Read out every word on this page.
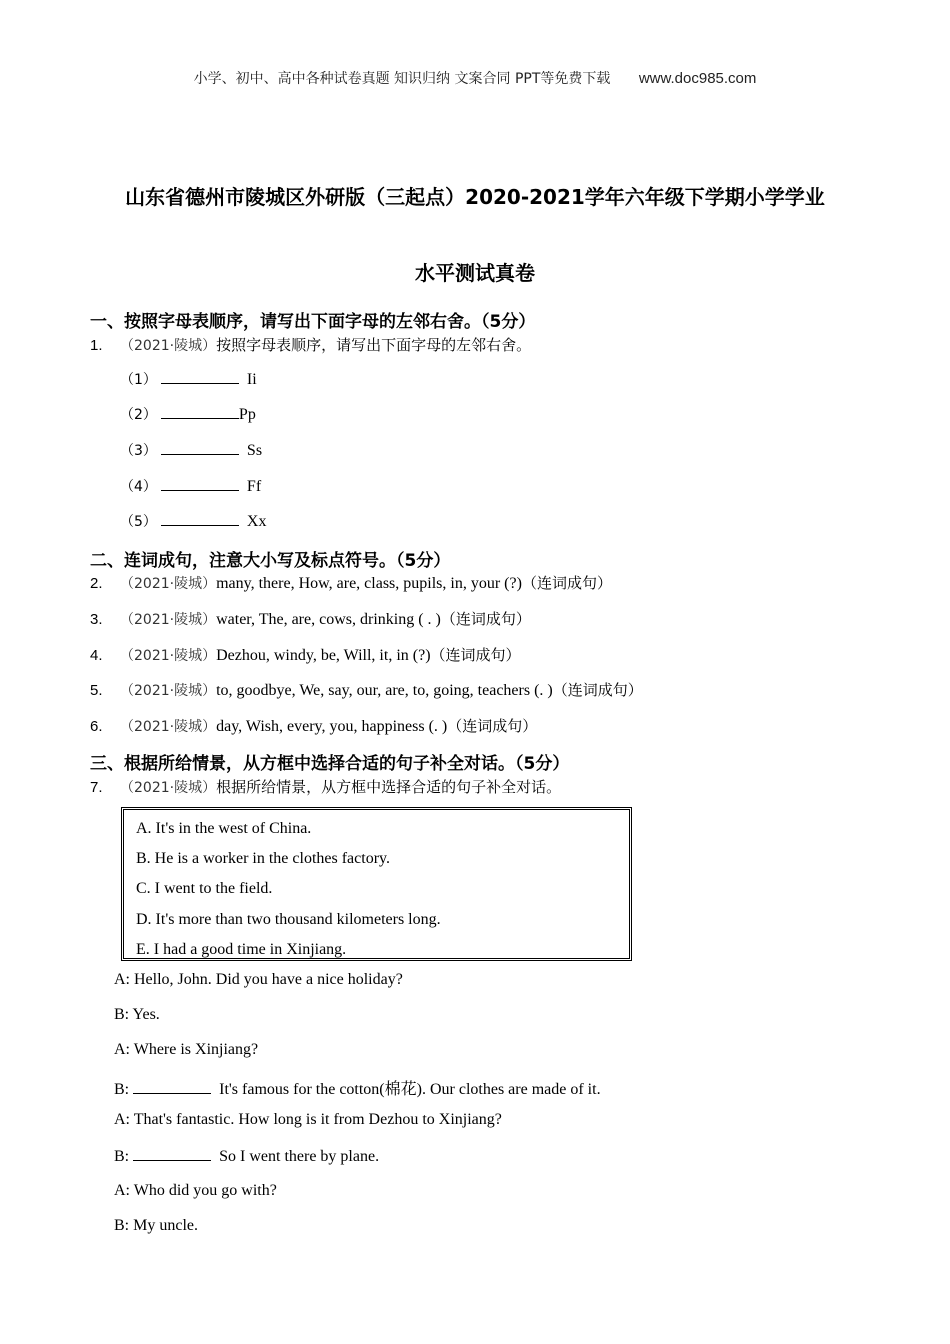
小学、初中、高中各种试卷真题 知识归纳 文案合同 PPT等免费下载 www.doc985.com
山东省德州市陵城区外研版（三起点）2020-2021学年六年级下学期小学学业
水平测试真卷
一、按照字母表顺序，请写出下面字母的左邻右舍。（5分）
1. （2021·陵城）按照字母表顺序，请写出下面字母的左邻右舍。
（1）	Ii
（2）	Pp
（3）	Ss
（4）	Ff
（5）	Xx
二、连词成句，注意大小写及标点符号。（5分）
2. （2021·陵城）many, there, How, are, class, pupils, in, your (?)（连词成句）
3. （2021·陵城）water, The, are, cows, drinking ( . )（连词成句）
4. （2021·陵城）Dezhou, windy, be, Will, it, in (?)（连词成句）
5. （2021·陵城）to, goodbye, We, say, our, are, to, going, teachers (. )（连词成句）
6. （2021·陵城）day, Wish, every, you, happiness (. )（连词成句）
三、根据所给情景，从方框中选择合适的句子补全对话。（5分）
7. （2021·陵城）根据所给情景，从方框中选择合适的句子补全对话。
A. It's in the west of China.
B. He is a worker in the clothes factory.
C. I went to the field.
D. It's more than two thousand kilometers long.
E. I had a good time in Xinjiang.
A: Hello, John. Did you have a nice holiday?
B: Yes.
A: Where is Xinjiang?
B:	It's famous for the cotton(棉花). Our clothes are made of it.
A: That's fantastic. How long is it from Dezhou to Xinjiang?
B:	So I went there by plane.
A: Who did you go with?
B: My uncle.
